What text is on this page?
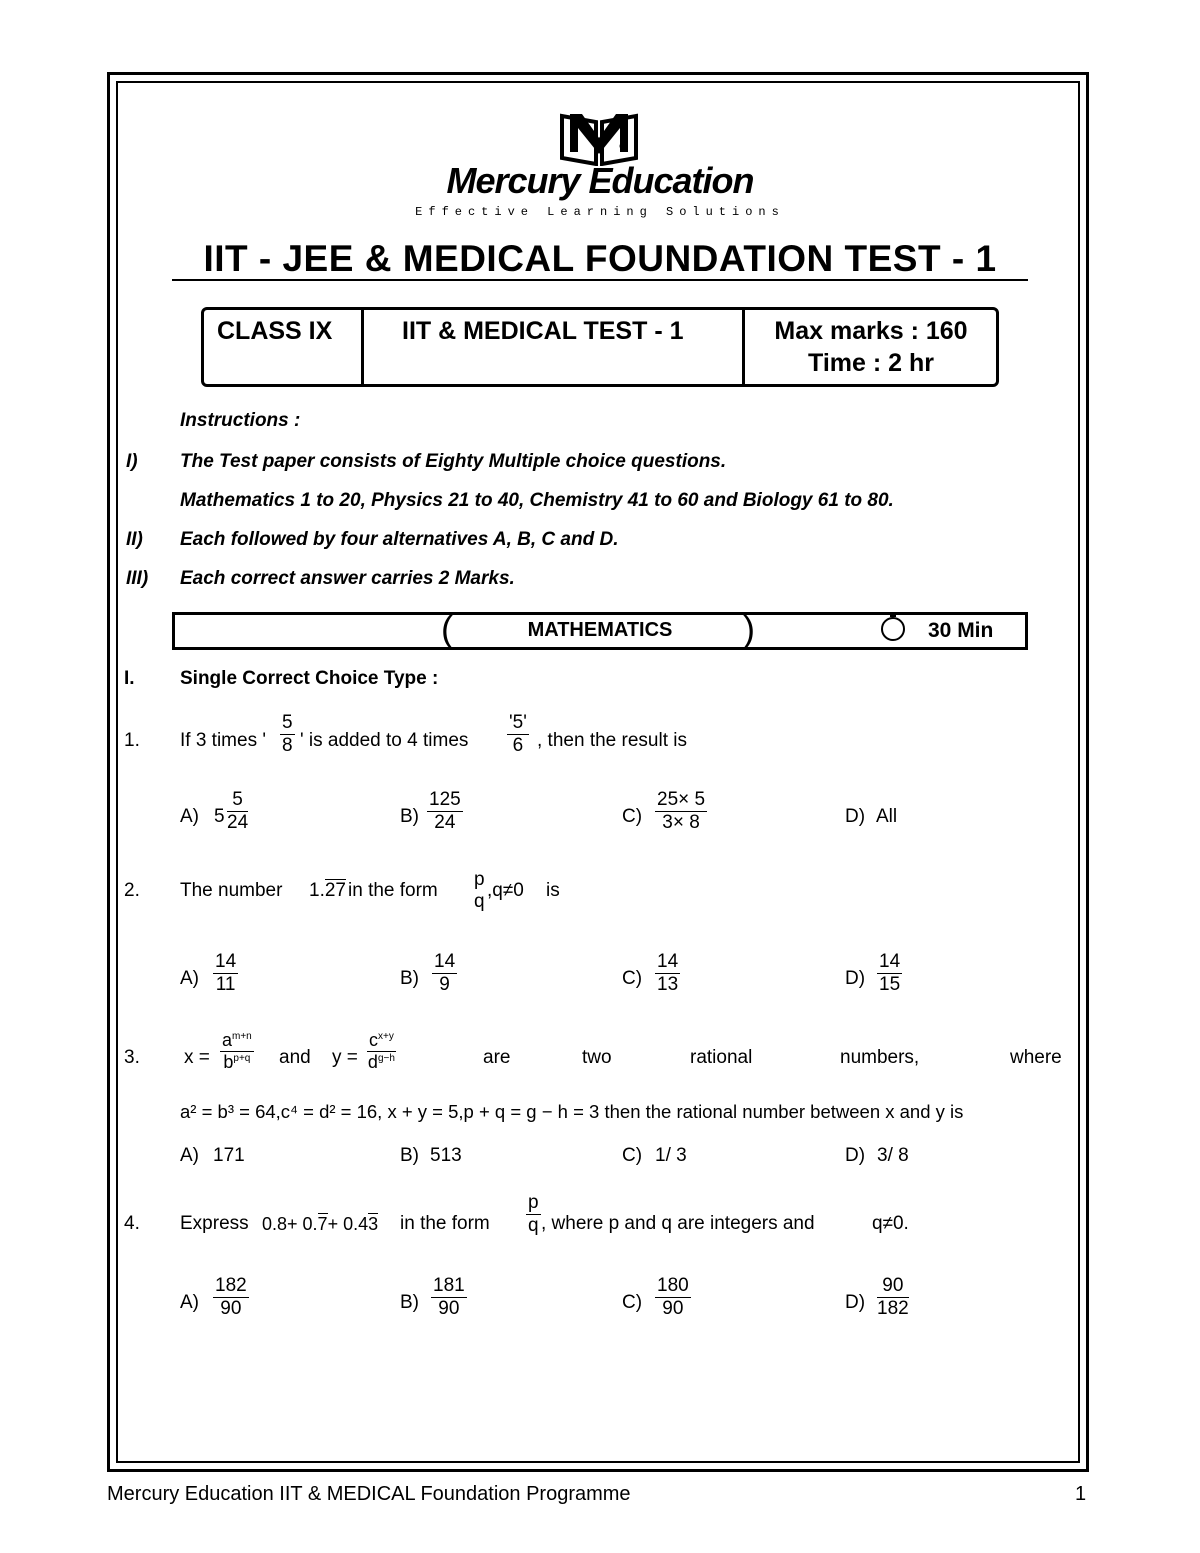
Mercury Education
Effective Learning Solutions
IIT - JEE & MEDICAL FOUNDATION TEST - 1
CLASS IX	IIT & MEDICAL TEST - 1	Max marks : 160
Time : 2 hr
Instructions :
I) The Test paper consists of Eighty Multiple choice questions.
Mathematics 1 to 20, Physics 21 to 40, Chemistry 41 to 60 and Biology 61 to 80.
II) Each followed by four alternatives A, B, C and D.
III) Each correct answer carries 2 Marks.
(	)
MATHEMATICS	30 Min
I. Single Correct Choice Type :
1. If 3 times ' $\frac{5}{8}$ ' is added to 4 times $\frac{'5'}{6}$ , then the result is
A) $5 \frac{5}{24}$	$B) \frac{125}{24}$	$C) \frac{25\times 5}{3\times 8}$	D) All
2. The number 1.27 in the form
p
q
,q≠0 is
$A) \frac{14}{11}$	$B) \frac{14}{9}$	$C) \frac{14}{13}$	$D) \frac{14}{15}$
3. $x = \frac{a^{m+n}}{b^{p+q}}$ and $y = \frac{c^{x+y}}{d^{g-h}}$	are	two	rational	numbers,	where
a² = b³ = 64,c⁴ = d² = 16, x + y = 5,p + q = g − h = 3 then the rational number between x and y is
A) 171	B) 513	C) 1/ 3	D) 3/ 8
4. Express 0.8+ 0.7+ 0.43 in the form $\frac{p}{q}$ , where p and q are integers and	q≠0.
$A) \frac{182}{90}$	$B) \frac{181}{90}$	$C) \frac{180}{90}$	$D) \frac{90}{182}$
Mercury Education IIT & MEDICAL Foundation Programme	1
